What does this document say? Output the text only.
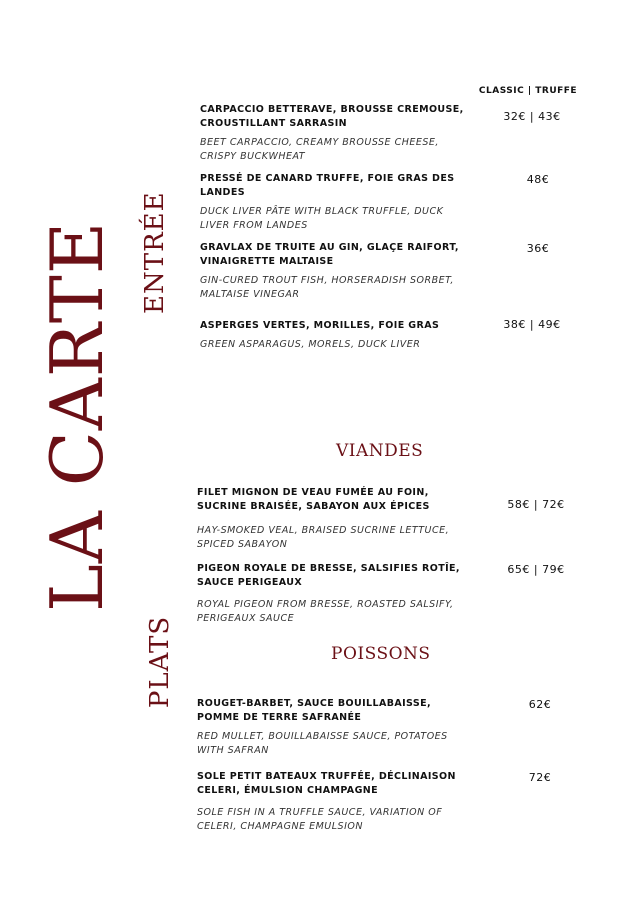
LA CARTE ENTRÉE
PLATS
CLASSIC | TRUFFE
CARPACCIO BETTERAVE, BROUSSE CREMOUSE, CROUSTILLANT SARRASIN
BEET CARPACCIO, CREAMY BROUSSE CHEESE, CRISPY BUCKWHEAT
32€ | 43€
PRESSÉ DE CANARD TRUFFE, FOIE GRAS DES LANDES
DUCK LIVER PÂTE WITH BLACK TRUFFLE, DUCK LIVER FROM LANDES
48€
GRAVLAX DE TRUITE AU GIN, GLAÇE RAIFORT, VINAIGRETTE MALTAISE
GIN-CURED TROUT FISH, HORSERADISH SORBET, MALTAISE VINEGAR
36€
ASPERGES VERTES, MORILLES, FOIE GRAS
GREEN ASPARAGUS, MORELS, DUCK LIVER
38€ | 49€
VIANDES
FILET MIGNON DE VEAU FUMÉE AU FOIN, SUCRINE BRAISÉE, SABAYON AUX ÉPICES
HAY-SMOKED VEAL, BRAISED SUCRINE LETTUCE, SPICED SABAYON
58€ | 72€
PIGEON ROYALE DE BRESSE, SALSIFIES ROTÎE, SAUCE PERIGEAUX
ROYAL PIGEON FROM BRESSE, ROASTED SALSIFY, PERIGEAUX SAUCE
65€ | 79€
POISSONS
ROUGET-BARBET, SAUCE BOUILLABAISSE, POMME DE TERRE SAFRANÉE
RED MULLET, BOUILLABAISSE SAUCE, POTATOES WITH SAFRAN
62€
SOLE PETIT BATEAUX TRUFFÉE, DÉCLINAISON CELERI, ÉMULSION CHAMPAGNE
SOLE FISH IN A TRUFFLE SAUCE, VARIATION OF CELERI, CHAMPAGNE EMULSION
72€
